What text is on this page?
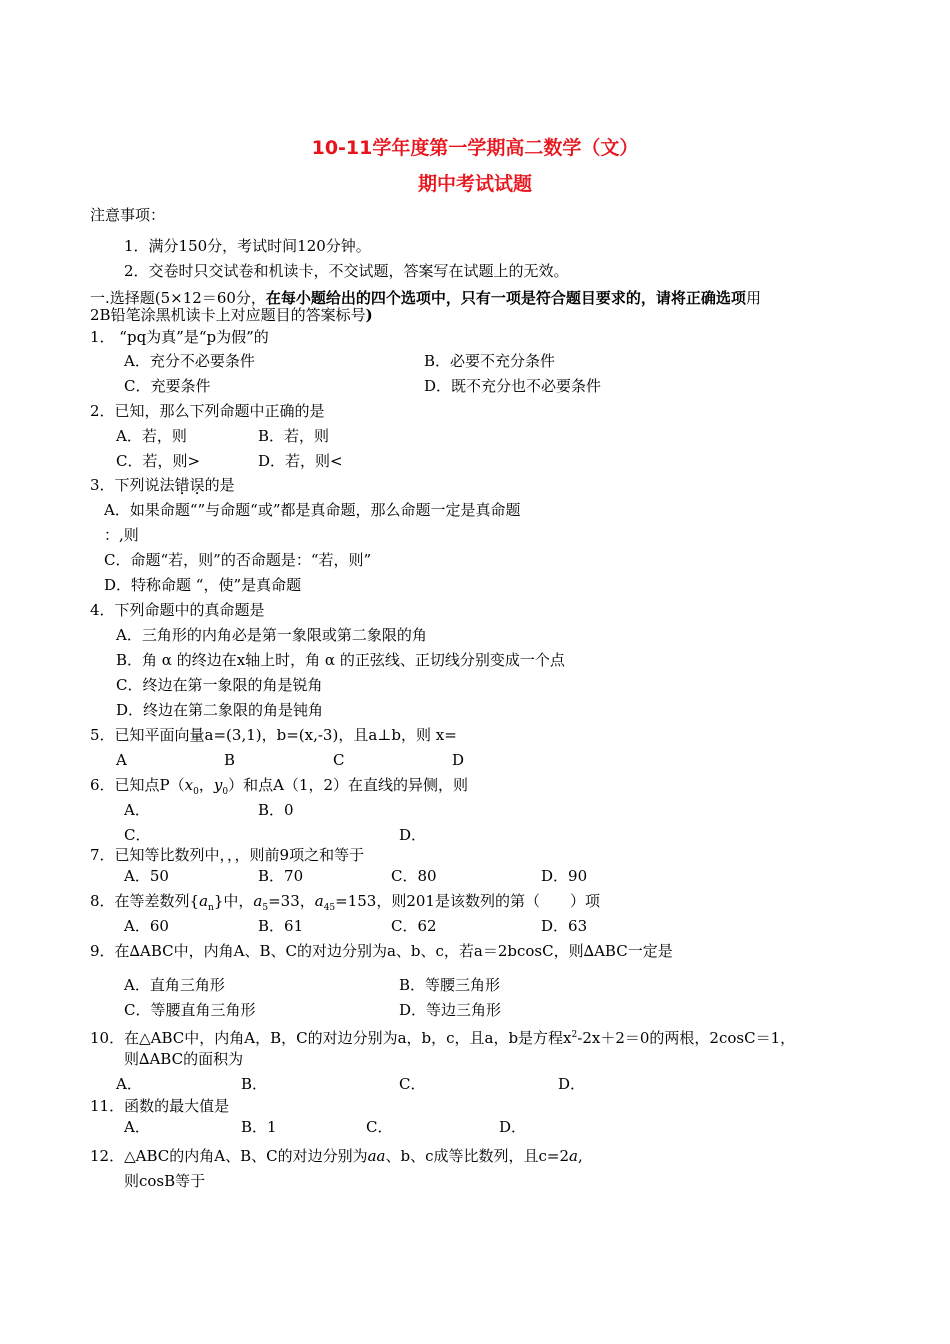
10-11学年度第一学期高二数学（文）
期中考试试题
注意事项：
1．满分150分，考试时间120分钟。
2．交卷时只交试卷和机读卡，不交试题，答案写在试题上的无效。
一.选择题(5×12＝60分，在每小题给出的四个选项中，只有一项是符合题目要求的，请将正确选项用
2B铅笔涂黑机读卡上对应题目的答案标号)
1． “pq为真”是“p为假”的
A．充分不必要条件	B．必要不充分条件
C．充要条件	D．既不充分也不必要条件
2．已知，那么下列命题中正确的是
A．若，则	B．若，则
C．若，则>	D．若，则<
3．下列说法错误的是
A．如果命题“”与命题“或”都是真命题，那么命题一定是真命题
：,则
C．命题“若，则”的否命题是：“若，则”
D．特称命题 “，使”是真命题
4．下列命题中的真命题是
A．三角形的内角必是第一象限或第二象限的角
B．角 α 的终边在x轴上时，角 α 的正弦线、正切线分别变成一个点
C．终边在第一象限的角是锐角
D．终边在第二象限的角是钝角
5．已知平面向量a=(3,1)，b=(x,-3)，且a⊥b，则 x=
A	B	C	D
6．已知点$P(x_0$，$y_0$）和点A（1，2）在直线的异侧，则
A．	B．0
C．	D．
7．已知等比数列中，，，则前9项之和等于
A．50	B．70	C．80	D．90
8．在等差数列$\{a_n\}$中，$a_5=33$，$a_{45}=153$，则201是该数列的第（　　）项
A．60	B．61	C．62	D．63
9．在∆ABC中，内角A、B、C的对边分别为a、b、c，若a＝2bcosC，则∆ABC一定是
A．直角三角形	B．等腰三角形
C．等腰直角三角形	D．等边三角形
10．在△ABC中，内角A，B，C的对边分别为a，b，c，且a，b是方程$x^2-2x+2=0$的两根，2cosC＝1，
则∆ABC的面积为
A．	B．	C．	D．
11．函数的最大值是
A．	B．1	C．	D．
12．△ABC的内角A、B、C的对边分别为aa、b、c成等比数列，且c=2a,
则cosB等于
